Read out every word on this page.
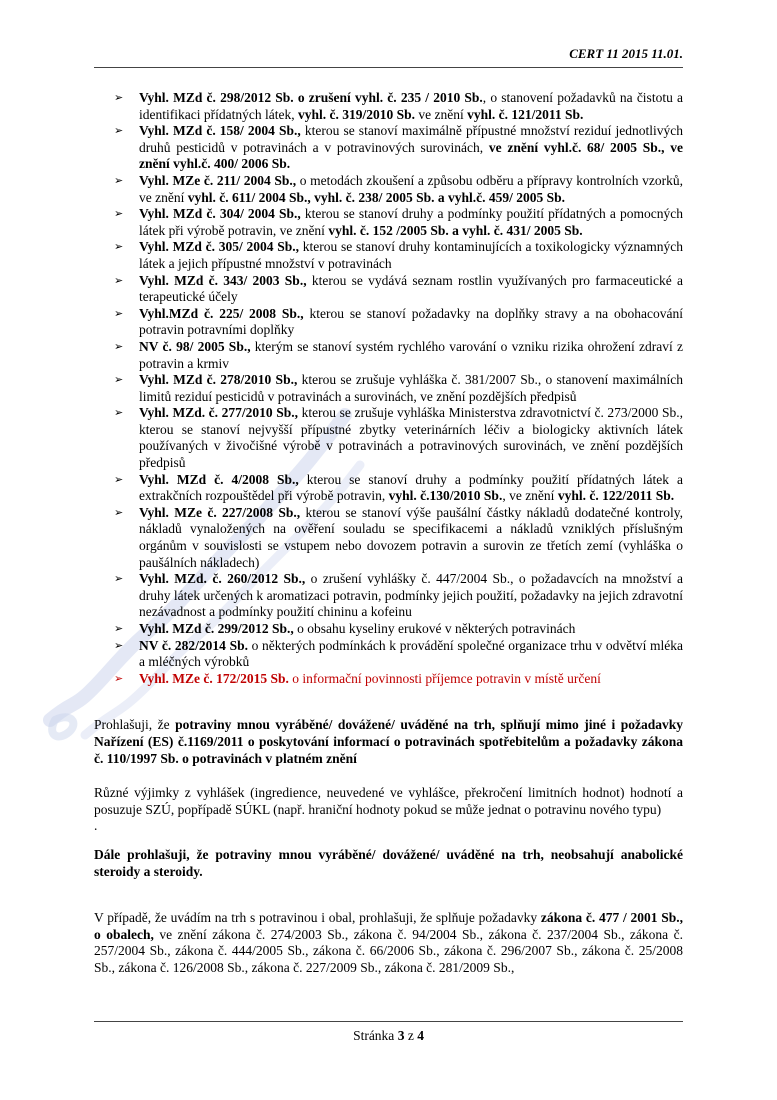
CERT 11 2015 11.01.
➢ Vyhl. MZd č. 298/2012 Sb. o zrušení vyhl. č. 235 / 2010 Sb., o stanovení požadavků na čistotu a identifikaci přídatných látek, vyhl. č. 319/2010 Sb. ve znění vyhl. č. 121/2011 Sb.
➢ Vyhl. MZd č. 158/ 2004 Sb., kterou se stanoví maximálně přípustné množství reziduí jednotlivých druhů pesticidů v potravinách a v potravinových surovinách, ve znění vyhl.č. 68/ 2005 Sb., ve znění vyhl.č. 400/ 2006 Sb.
➢ Vyhl. MZe č. 211/ 2004 Sb., o metodách zkoušení a způsobu odběru a přípravy kontrolních vzorků, ve znění vyhl. č. 611/ 2004 Sb., vyhl. č. 238/ 2005 Sb. a vyhl.č. 459/ 2005 Sb.
➢ Vyhl. MZd č. 304/ 2004 Sb., kterou se stanoví druhy a podmínky použití přídatných a pomocných látek při výrobě potravin, ve znění vyhl. č. 152 /2005 Sb. a vyhl. č. 431/ 2005 Sb.
➢ Vyhl. MZd č. 305/ 2004 Sb., kterou se stanoví druhy kontaminujících a toxikologicky významných látek a jejich přípustné množství v potravinách
➢ Vyhl. MZd č. 343/ 2003 Sb., kterou se vydává seznam rostlin využívaných pro farmaceutické a terapeutické účely
➢ Vyhl.MZd č. 225/ 2008 Sb., kterou se stanoví požadavky na doplňky stravy a na obohacování potravin potravními doplňky
➢ NV č. 98/ 2005 Sb., kterým se stanoví systém rychlého varování o vzniku rizika ohrožení zdraví z potravin a krmiv
➢ Vyhl. MZd č. 278/2010 Sb., kterou se zrušuje vyhláška č. 381/2007 Sb., o stanovení maximálních limitů reziduí pesticidů v potravinách a surovinách, ve znění pozdějších předpisů
➢ Vyhl. MZd. č. 277/2010 Sb., kterou se zrušuje vyhláška Ministerstva zdravotnictví č. 273/2000 Sb., kterou se stanoví nejvyšší přípustné zbytky veterinárních léčiv a biologicky aktivních látek používaných v živočišné výrobě v potravinách a potravinových surovinách, ve znění pozdějších předpisů
➢ Vyhl. MZd č. 4/2008 Sb., kterou se stanoví druhy a podmínky použití přídatných látek a extrakčních rozpouštědel při výrobě potravin, vyhl. č.130/2010 Sb., ve znění vyhl. č. 122/2011 Sb.
➢ Vyhl. MZe č. 227/2008 Sb., kterou se stanoví výše paušální částky nákladů dodatečné kontroly, nákladů vynaložených na ověření souladu se specifikacemi a nákladů vzniklých příslušným orgánům v souvislosti se vstupem nebo dovozem potravin a surovin ze třetích zemí (vyhláška o paušálních nákladech)
➢ Vyhl. MZd. č. 260/2012 Sb., o zrušení vyhlášky č. 447/2004 Sb., o požadavcích na množství a druhy látek určených k aromatizaci potravin, podmínky jejich použití, požadavky na jejich zdravotní nezávadnost a podmínky použití chininu a kofeinu
➢ Vyhl. MZd č. 299/2012 Sb., o obsahu kyseliny erukové v některých potravinách
➢ NV č. 282/2014 Sb. o některých podmínkách k provádění společné organizace trhu v odvětví mléka a mléčných výrobků
➢ Vyhl. MZe č. 172/2015 Sb. o informační povinnosti příjemce potravin v místě určení
Prohlašuji, že potraviny mnou vyráběné/ dovážené/ uváděné na trh, splňují mimo jiné i požadavky Nařízení (ES) č.1169/2011 o poskytování informací o potravinách spotřebitelům a požadavky zákona č. 110/1997 Sb. o potravinách v platném znění
Různé výjimky z vyhlášek (ingredience, neuvedené ve vyhlášce, překročení limitních hodnot) hodnotí a posuzuje SZÚ, popřípadě SÚKL (např. hraniční hodnoty pokud se může jednat o potravinu nového typu)
.
Dále prohlašuji, že potraviny mnou vyráběné/ dovážené/ uváděné na trh, neobsahují anabolické steroidy a steroidy.
V případě, že uvádím na trh s potravinou i obal, prohlašuji, že splňuje požadavky zákona č. 477 / 2001 Sb., o obalech, ve znění zákona č. 274/2003 Sb., zákona č. 94/2004 Sb., zákona č. 237/2004 Sb., zákona č. 257/2004 Sb., zákona č. 444/2005 Sb., zákona č. 66/2006 Sb., zákona č. 296/2007 Sb., zákona č. 25/2008 Sb., zákona č. 126/2008 Sb., zákona č. 227/2009 Sb., zákona č. 281/2009 Sb.,
Stránka 3 z 4
